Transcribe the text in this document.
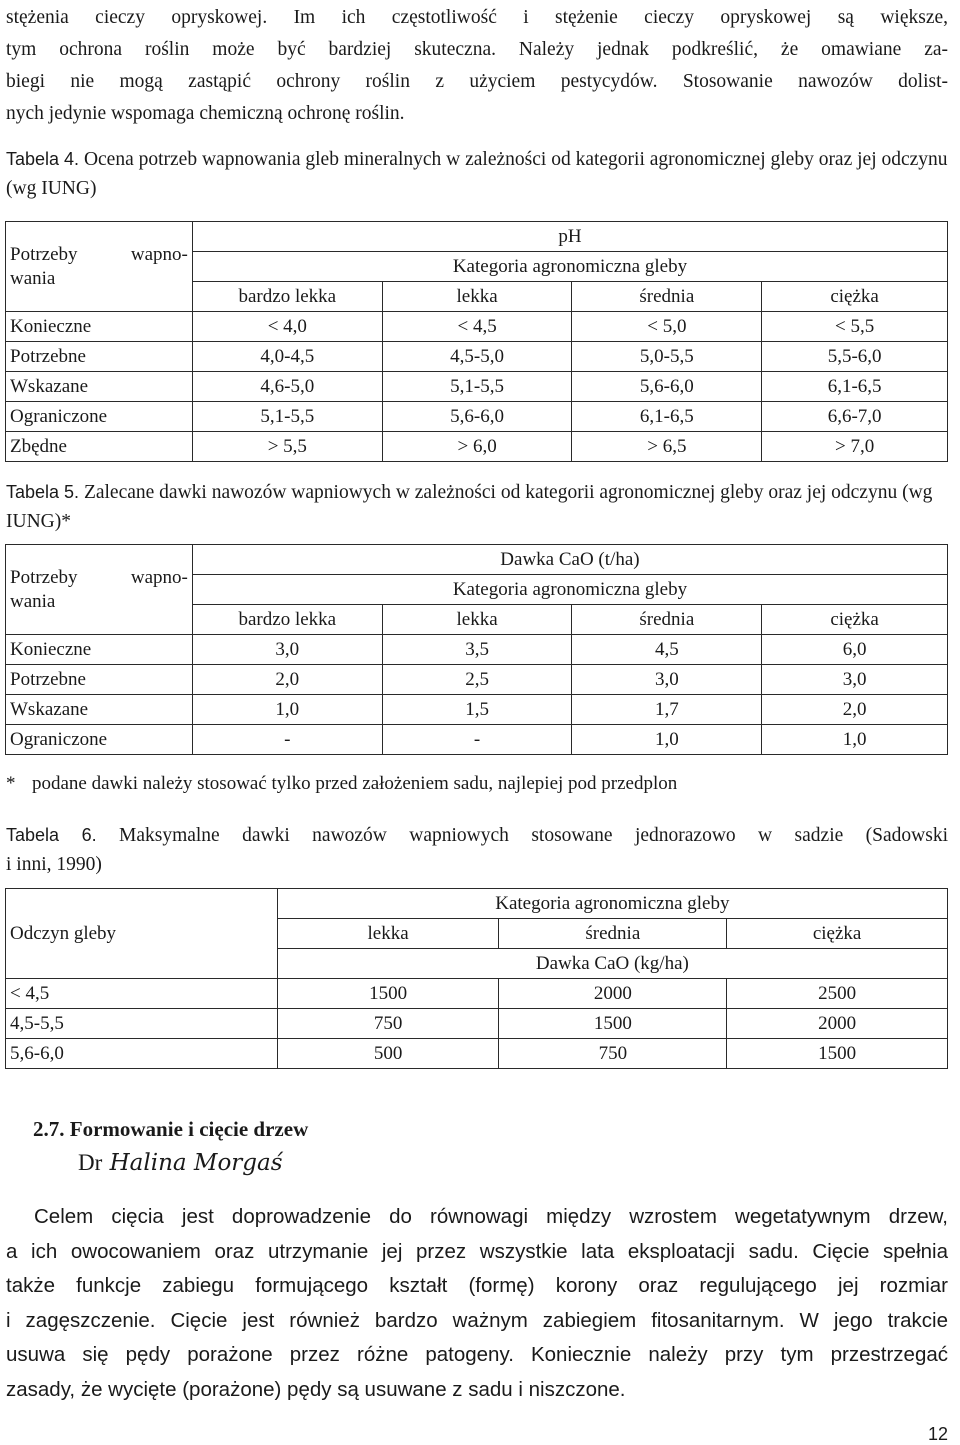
stężenia cieczy opryskowej. Im ich częstotliwość i stężenie cieczy opryskowej są większe,

tym ochrona roślin może być bardziej skuteczna. Należy jednak podkreślić, że omawiane za-

biegi nie mogą zastąpić ochrony roślin z użyciem pestycydów. Stosowanie nawozów dolist-

nych jedynie wspomaga chemiczną ochronę roślin.

Tabela 4. Ocena potrzeb wapnowania gleb mineralnych w zależności od kategorii agronomicznej gleby oraz jej odczynu (wg IUNG)

Potrzeby wapno-
wania	pH			
	Kategoria agronomiczna gleby			
	bardzo lekka	lekka	średnia	ciężka
Konieczne	< 4,0	< 4,5	< 5,0	< 5,5
Potrzebne	4,0-4,5	4,5-5,0	5,0-5,5	5,5-6,0
Wskazane	4,6-5,0	5,1-5,5	5,6-6,0	6,1-6,5
Ograniczone	5,1-5,5	5,6-6,0	6,1-6,5	6,6-7,0
Zbędne	> 5,5	> 6,0	> 6,5	> 7,0

Tabela 5. Zalecane dawki nawozów wapniowych w zależności od kategorii agronomicznej gleby oraz jej odczynu (wg IUNG)*

Potrzeby wapno-
wania	Dawka CaO (t/ha)			
	Kategoria agronomiczna gleby			
	bardzo lekka	lekka	średnia	ciężka
Konieczne	3,0	3,5	4,5	6,0
Potrzebne	2,0	2,5	3,0	3,0
Wskazane	1,0	1,5	1,7	2,0
Ograniczone	-	-	1,0	1,0
* podane dawki należy stosować tylko przed założeniem sadu, najlepiej pod przedplon

Tabela 6. Maksymalne dawki nawozów wapniowych stosowane jednorazowo w sadzie (Sadowski

i inni, 1990)

Odczyn gleby	Kategoria agronomiczna gleby		
	lekka	średnia	ciężka
	Dawka CaO (kg/ha)		
< 4,5	1500	2000	2500
4,5-5,5	750	1500	2000
5,6-6,0	500	750	1500
2.7. Formowanie i cięcie drzew
Dr Halina Morgaś
Celem cięcia jest doprowadzenie do równowagi między wzrostem wegetatywnym drzew,
a ich owocowaniem oraz utrzymanie jej przez wszystkie lata eksploatacji sadu. Cięcie spełnia
także funkcje zabiegu formującego kształt (formę) korony oraz regulującego jej rozmiar
i zagęszczenie. Cięcie jest również bardzo ważnym zabiegiem fitosanitarnym. W jego trakcie
usuwa się pędy porażone przez różne patogeny. Koniecznie należy przy tym przestrzegać
zasady, że wycięte (porażone) pędy są usuwane z sadu i niszczone.
12
